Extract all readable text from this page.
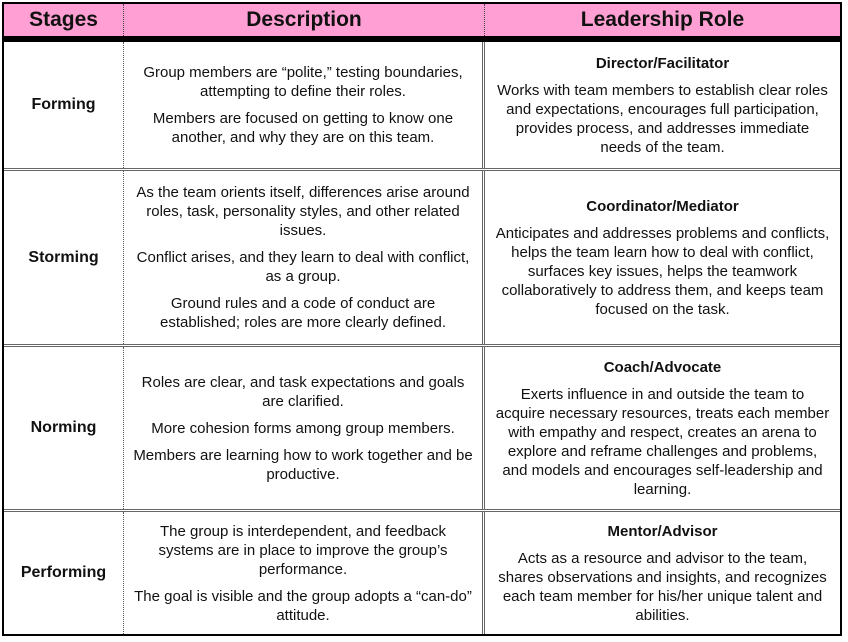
Stages	Description	Leadership Role
Forming

Group members are “polite,” testing boundaries, attempting to define their roles.

Members are focused on getting to know one another, and why they are on this team.

Director/Facilitator
Works with team members to establish clear roles and expectations, encourages full participation, provides process, and addresses immediate needs of the team.
Storming

As the team orients itself, differences arise around roles, task, personality styles, and other related issues.

Conflict arises, and they learn to deal with conflict, as a group.

Ground rules and a code of conduct are established; roles are more clearly defined.

Coordinator/Mediator
Anticipates and addresses problems and conflicts, helps the team learn how to deal with conflict, surfaces key issues, helps the teamwork collaboratively to address them, and keeps team focused on the task.
Norming

Roles are clear, and task expectations and goals are clarified.

More cohesion forms among group members.

Members are learning how to work together and be productive.

Coach/Advocate
Exerts influence in and outside the team to acquire necessary resources, treats each member with empathy and respect, creates an arena to explore and reframe challenges and problems, and models and encourages self-leadership and learning.
Performing

The group is interdependent, and feedback systems are in place to improve the group’s performance.

The goal is visible and the group adopts a “can-do” attitude.

Mentor/Advisor
Acts as a resource and advisor to the team, shares observations and insights, and recognizes each team member for his/her unique talent and abilities.
